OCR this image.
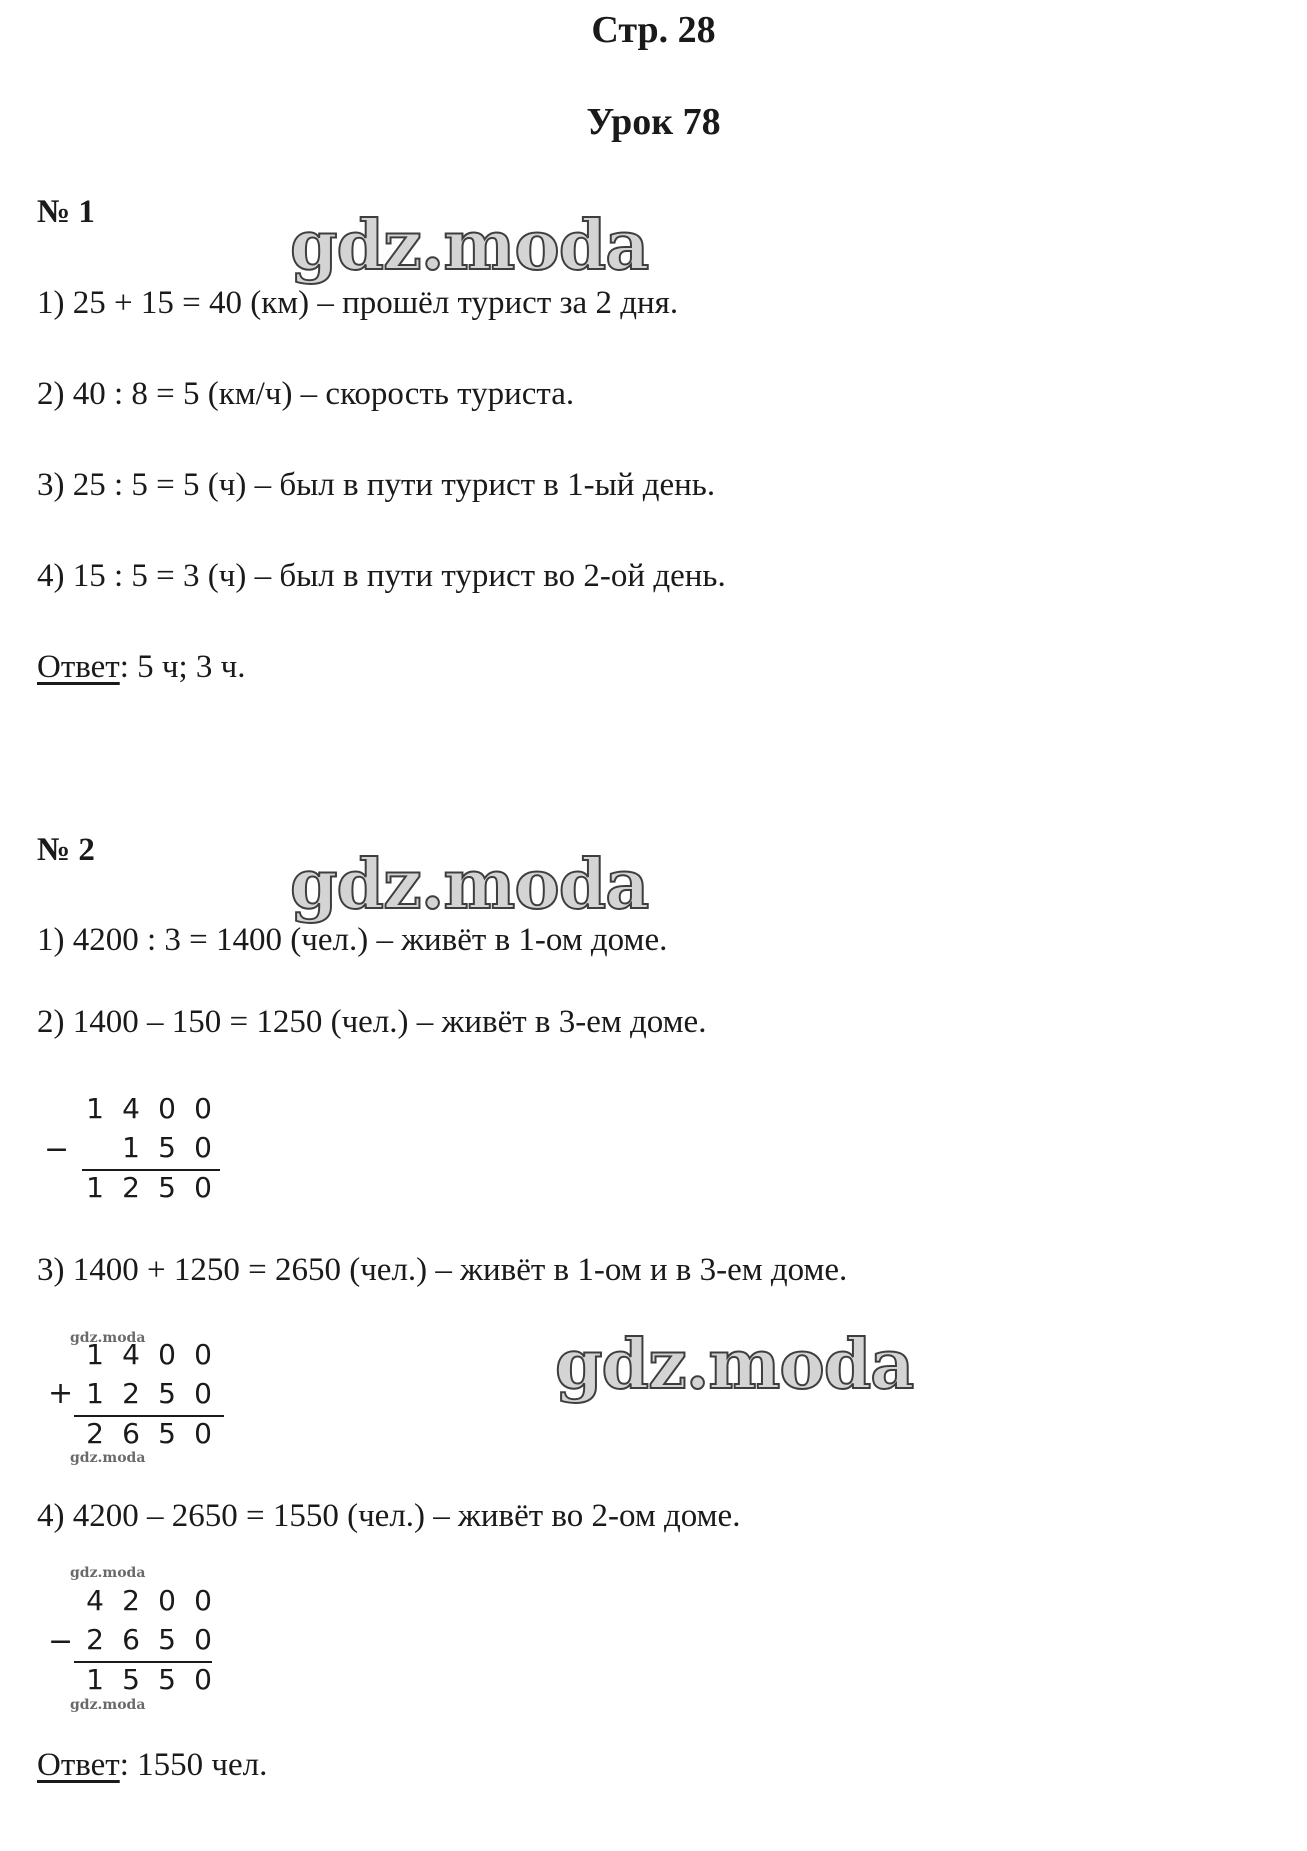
Стр. 28
Урок 78
№ 1	gdz.moda
1) 25 + 15 = 40 (км) – прошёл турист за 2 дня.
2) 40 : 8 = 5 (км/ч) – скорость туриста.
3) 25 : 5 = 5 (ч) – был в пути турист в 1-ый день.
4) 15 : 5 = 3 (ч) – был в пути турист во 2-ой день.
Ответ: 5 ч; 3 ч.
№ 2	gdz.moda
1) 4200 : 3 = 1400 (чел.) – живёт в 1-ом доме.
2) 1400 – 150 = 1250 (чел.) – живёт в 3-ем доме.
1 4 0 0
−	1 5 0
1 2 5 0
3) 1400 + 1250 = 2650 (чел.) – живёт в 1-ом и в 3-ем доме.
gdz.moda
1 4 0 0
+ 1 2 5 0
2 6 5 0
gdz.moda
gdz.moda
4) 4200 – 2650 = 1550 (чел.) – живёт во 2-ом доме.
gdz.moda
4 2 0 0
− 2 6 5 0
1 5 5 0
gdz.moda
Ответ: 1550 чел.
